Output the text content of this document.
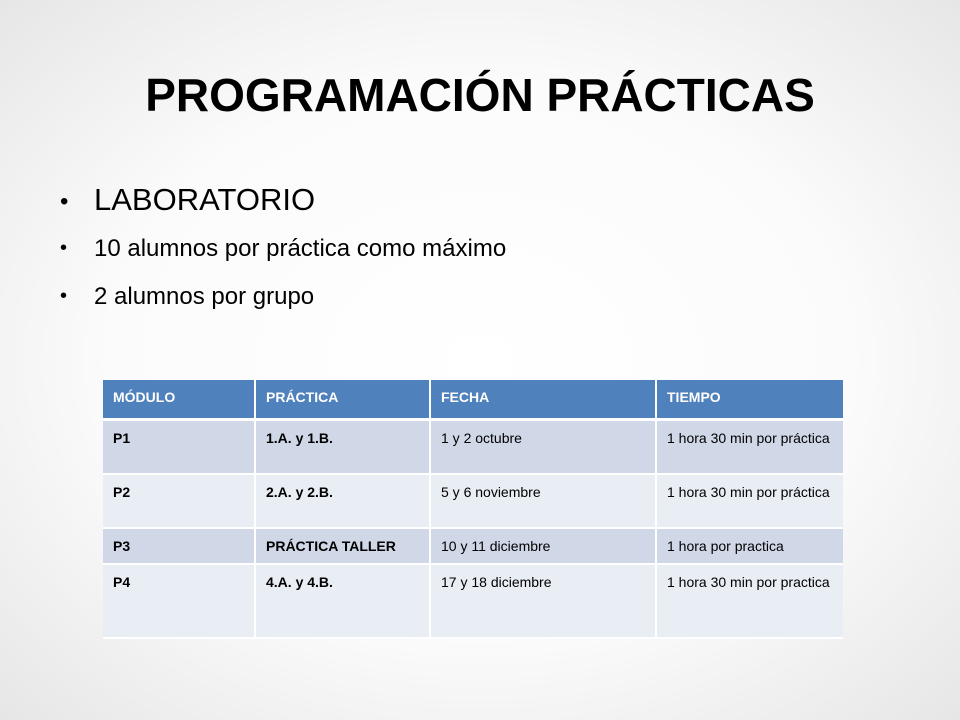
PROGRAMACIÓN PRÁCTICAS
• LABORATORIO
• 10 alumnos por práctica como máximo
• 2 alumnos por grupo
MÓDULO	PRÁCTICA	FECHA	TIEMPO
P1	1.A. y 1.B.	1 y 2 octubre	1 hora 30 min por práctica
P2	2.A. y 2.B.	5 y 6 noviembre	1 hora 30 min por práctica
P3	PRÁCTICA TALLER	10 y 11 diciembre	1 hora por practica
P4	4.A. y 4.B.	17 y 18 diciembre	1 hora 30 min por practica
